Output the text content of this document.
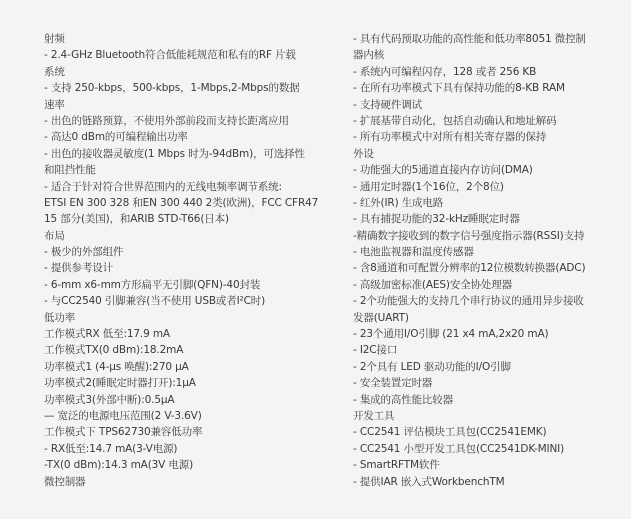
射频
- 2.4-GHz Bluetooth符合低能耗规范和私有的RF 片载
系统
- 支持 250-kbps，500-kbps，1-Mbps,2-Mbps的数据
速率
- 出色的链路预算，不使用外部前段而支持长距离应用
- 高达0 dBm的可编程输出功率
- 出色的接收器灵敏度(1 Mbps 时为-94dBm)，可选择性
和阻挡性能
- 适合于针对符合世界范围内的无线电频率调节系统:
ETSI EN 300 328 和EN 300 440 2类(欧洲)，FCC CFR47
15 部分(美国)，和ARIB STD-T66(日本)
布局
- 极少的外部组件
- 提供参考设计
- 6-mm x6-mm方形扁平无引脚(QFN)-40封装
- 与CC2540 引脚兼容(当不使用 USB或者I²C时)
低功率
工作模式RX 低至:17.9 mA
工作模式TX(0 dBm):18.2mA
功率模式1 (4-μs 唤醒):270 μA
功率模式2(睡眠定时器打开):1μA
功率模式3(外部中断):0.5μA
— 宽泛的电源电压范围(2 V-3.6V)
工作模式下 TPS62730兼容低功率
- RX低至:14.7 mA(3-V电源)
-TX(0 dBm):14.3 mA(3V 电源)
微控制器
- 具有代码预取功能的高性能和低功率8051 微控制
器内核
- 系统内可编程闪存，128 或者 256 KB
- 在所有功率模式下具有保持功能的8-KB RAM
- 支持硬件调试
- 扩展基带自动化，包括自动确认和地址解码
- 所有功率模式中对所有相关寄存器的保持
外设
- 功能强大的5通道直接内存访问(DMA)
- 通用定时器(1个16位，2个8位)
- 红外(IR) 生成电路
- 具有捕捉功能的32-kHz睡眠定时器
-精确数字接收到的数字信号强度指示器(RSSI)支持
- 电池监视器和温度传感器
- 含8通道和可配置分辨率的12位模数转换器(ADC)
- 高级加密标准(AES)安全协处理器
- 2个功能强大的支持几个串行协议的通用异步接收
发器(UART)
- 23个通用I/O引脚 (21 x4 mA,2x20 mA)
- I2C接口
- 2个具有 LED 驱动功能的I/O引脚
- 安全装置定时器
- 集成的高性能比较器
开发工具
- CC2541 评估模块工具包(CC2541EMK)
- CC2541 小型开发工具包(CC2541DK-MINI)
- SmartRFTM软件
- 提供IAR 嵌入式WorkbenchTM
